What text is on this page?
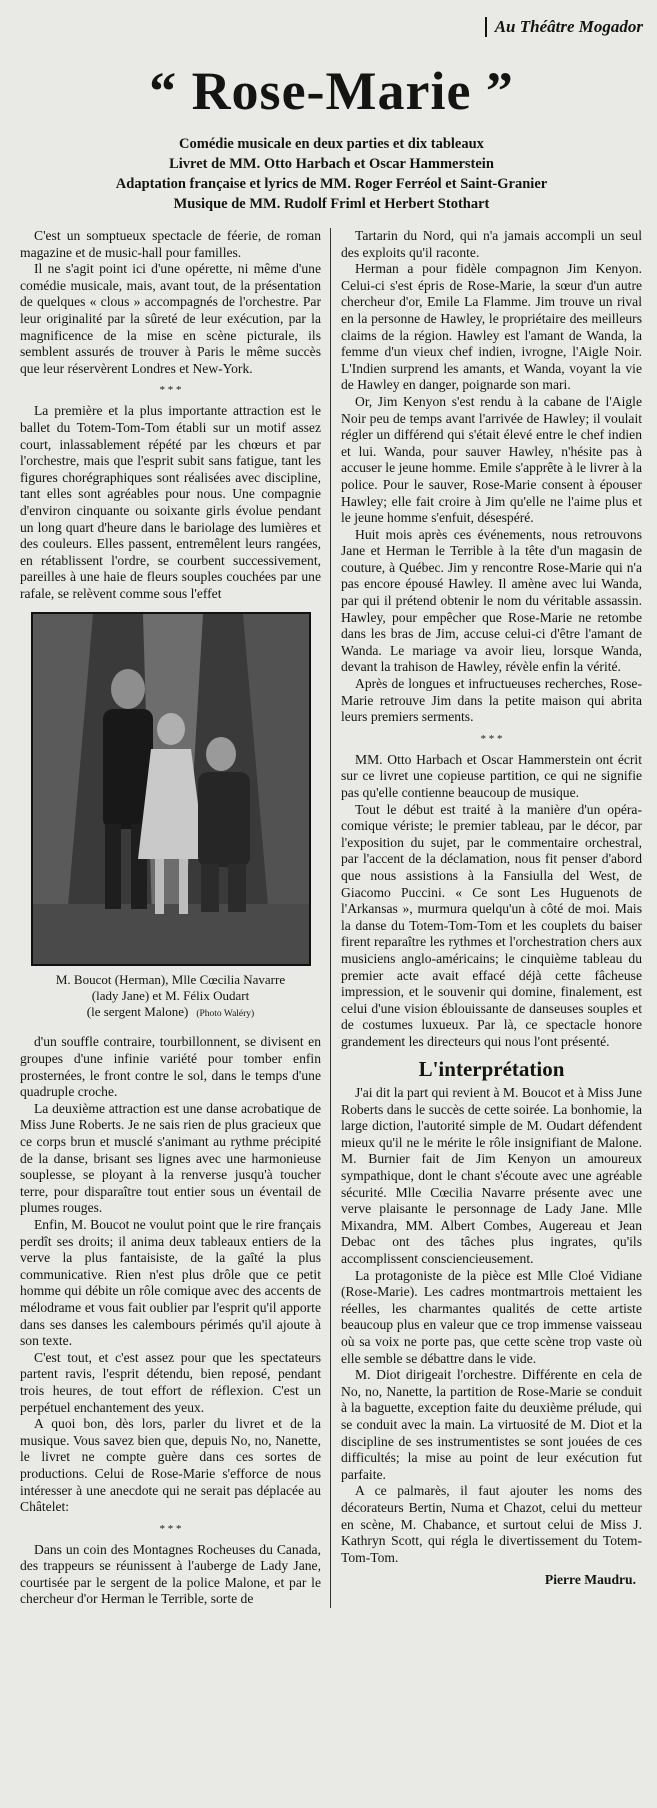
Au Théâtre Mogador
“ Rose-Marie ”
Comédie musicale en deux parties et dix tableaux
Livret de MM. Otto Harbach et Oscar Hammerstein
Adaptation française et lyrics de MM. Roger Ferréol et Saint-Granier
Musique de MM. Rudolf Friml et Herbert Stothart

C'est un somptueux spectacle de féerie, de roman magazine et de music-hall pour familles.

Il ne s'agit point ici d'une opérette, ni même d'une comédie musicale, mais, avant tout, de la présentation de quelques « clous » accompagnés de l'orchestre. Par leur originalité par la sûreté de leur exécution, par la magnificence de la mise en scène picturale, ils semblent assurés de trouver à Paris le même succès que leur réservèrent Londres et New-York.

* * *

La première et la plus importante attraction est le ballet du Totem-Tom-Tom établi sur un motif assez court, inlassablement répété par les chœurs et par l'orchestre, mais que l'esprit subit sans fatigue, tant les figures chorégraphiques sont réalisées avec discipline, tant elles sont agréables pour nous. Une compagnie d'environ cinquante ou soixante girls évolue pendant un long quart d'heure dans le bariolage des lumières et des couleurs. Elles passent, entremêlent leurs rangées, en rétablissent l'ordre, se courbent successivement, pareilles à une haie de fleurs souples couchées par une rafale, se relèvent comme sous l'effet

M. Boucot (Herman), Mlle Cœcilia Navarre
(lady Jane) et M. Félix Oudart
(le sergent Malone) (Photo Waléry)

d'un souffle contraire, tourbillonnent, se divisent en groupes d'une infinie variété pour tomber enfin prosternées, le front contre le sol, dans le temps d'une quadruple croche.

La deuxième attraction est une danse acrobatique de Miss June Roberts. Je ne sais rien de plus gracieux que ce corps brun et musclé s'animant au rythme précipité de la danse, brisant ses lignes avec une harmonieuse souplesse, se ployant à la renverse jusqu'à toucher terre, pour disparaître tout entier sous un éventail de plumes rouges.

Enfin, M. Boucot ne voulut point que le rire français perdît ses droits; il anima deux tableaux entiers de la verve la plus fantaisiste, de la gaîté la plus communicative. Rien n'est plus drôle que ce petit homme qui débite un rôle comique avec des accents de mélodrame et vous fait oublier par l'esprit qu'il apporte dans ses danses les calembours périmés qu'il ajoute à son texte.

C'est tout, et c'est assez pour que les spectateurs partent ravis, l'esprit détendu, bien reposé, pendant trois heures, de tout effort de réflexion. C'est un perpétuel enchantement des yeux.

A quoi bon, dès lors, parler du livret et de la musique. Vous savez bien que, depuis No, no, Nanette, le livret ne compte guère dans ces sortes de productions. Celui de Rose-Marie s'efforce de nous intéresser à une anecdote qui ne serait pas déplacée au Châtelet:

* * *

Dans un coin des Montagnes Rocheuses du Canada, des trappeurs se réunissent à l'auberge de Lady Jane, courtisée par le sergent de la police Malone, et par le chercheur d'or Herman le Terrible, sorte de

Tartarin du Nord, qui n'a jamais accompli un seul des exploits qu'il raconte.

Herman a pour fidèle compagnon Jim Kenyon. Celui-ci s'est épris de Rose-Marie, la sœur d'un autre chercheur d'or, Emile La Flamme. Jim trouve un rival en la personne de Hawley, le propriétaire des meilleurs claims de la région. Hawley est l'amant de Wanda, la femme d'un vieux chef indien, ivrogne, l'Aigle Noir. L'Indien surprend les amants, et Wanda, voyant la vie de Hawley en danger, poignarde son mari.

Or, Jim Kenyon s'est rendu à la cabane de l'Aigle Noir peu de temps avant l'arrivée de Hawley; il voulait régler un différend qui s'était élevé entre le chef indien et lui. Wanda, pour sauver Hawley, n'hésite pas à accuser le jeune homme. Emile s'apprête à le livrer à la police. Pour le sauver, Rose-Marie consent à épouser Hawley; elle fait croire à Jim qu'elle ne l'aime plus et le jeune homme s'enfuit, désespéré.

Huit mois après ces événements, nous retrouvons Jane et Herman le Terrible à la tête d'un magasin de couture, à Québec. Jim y rencontre Rose-Marie qui n'a pas encore épousé Hawley. Il amène avec lui Wanda, par qui il prétend obtenir le nom du véritable assassin. Hawley, pour empêcher que Rose-Marie ne retombe dans les bras de Jim, accuse celui-ci d'être l'amant de Wanda. Le mariage va avoir lieu, lorsque Wanda, devant la trahison de Hawley, révèle enfin la vérité.

Après de longues et infructueuses recherches, Rose-Marie retrouve Jim dans la petite maison qui abrita leurs premiers serments.

* * *

MM. Otto Harbach et Oscar Hammerstein ont écrit sur ce livret une copieuse partition, ce qui ne signifie pas qu'elle contienne beaucoup de musique.

Tout le début est traité à la manière d'un opéra-comique vériste; le premier tableau, par le décor, par l'exposition du sujet, par le commentaire orchestral, par l'accent de la déclamation, nous fit penser d'abord que nous assistions à la Fansiulla del West, de Giacomo Puccini. « Ce sont Les Huguenots de l'Arkansas », murmura quelqu'un à côté de moi. Mais la danse du Totem-Tom-Tom et les couplets du baiser firent reparaître les rythmes et l'orchestration chers aux musiciens anglo-américains; le cinquième tableau du premier acte avait effacé déjà cette fâcheuse impression, et le souvenir qui domine, finalement, est celui d'une vision éblouissante de danseuses souples et de costumes luxueux. Par là, ce spectacle honore grandement les directeurs qui nous l'ont présenté.

L'interprétation

J'ai dit la part qui revient à M. Boucot et à Miss June Roberts dans le succès de cette soirée. La bonhomie, la large diction, l'autorité simple de M. Oudart défendent mieux qu'il ne le mérite le rôle insignifiant de Malone. M. Burnier fait de Jim Kenyon un amoureux sympathique, dont le chant s'écoute avec une agréable sécurité. Mlle Cœcilia Navarre présente avec une verve plaisante le personnage de Lady Jane. Mlle Mixandra, MM. Albert Combes, Augereau et Jean Debac ont des tâches plus ingrates, qu'ils accomplissent consciencieusement.

La protagoniste de la pièce est Mlle Cloé Vidiane (Rose-Marie). Les cadres montmartrois mettaient les réelles, les charmantes qualités de cette artiste beaucoup plus en valeur que ce trop immense vaisseau où sa voix ne porte pas, que cette scène trop vaste où elle semble se débattre dans le vide.

M. Diot dirigeait l'orchestre. Différente en cela de No, no, Nanette, la partition de Rose-Marie se conduit à la baguette, exception faite du deuxième prélude, qui se conduit avec la main. La virtuosité de M. Diot et la discipline de ses instrumentistes se sont jouées de ces difficultés; la mise au point de leur exécution fut parfaite.

A ce palmarès, il faut ajouter les noms des décorateurs Bertin, Numa et Chazot, celui du metteur en scène, M. Chabance, et surtout celui de Miss J. Kathryn Scott, qui régla le divertissement du Totem-Tom-Tom.

Pierre Maudru.
